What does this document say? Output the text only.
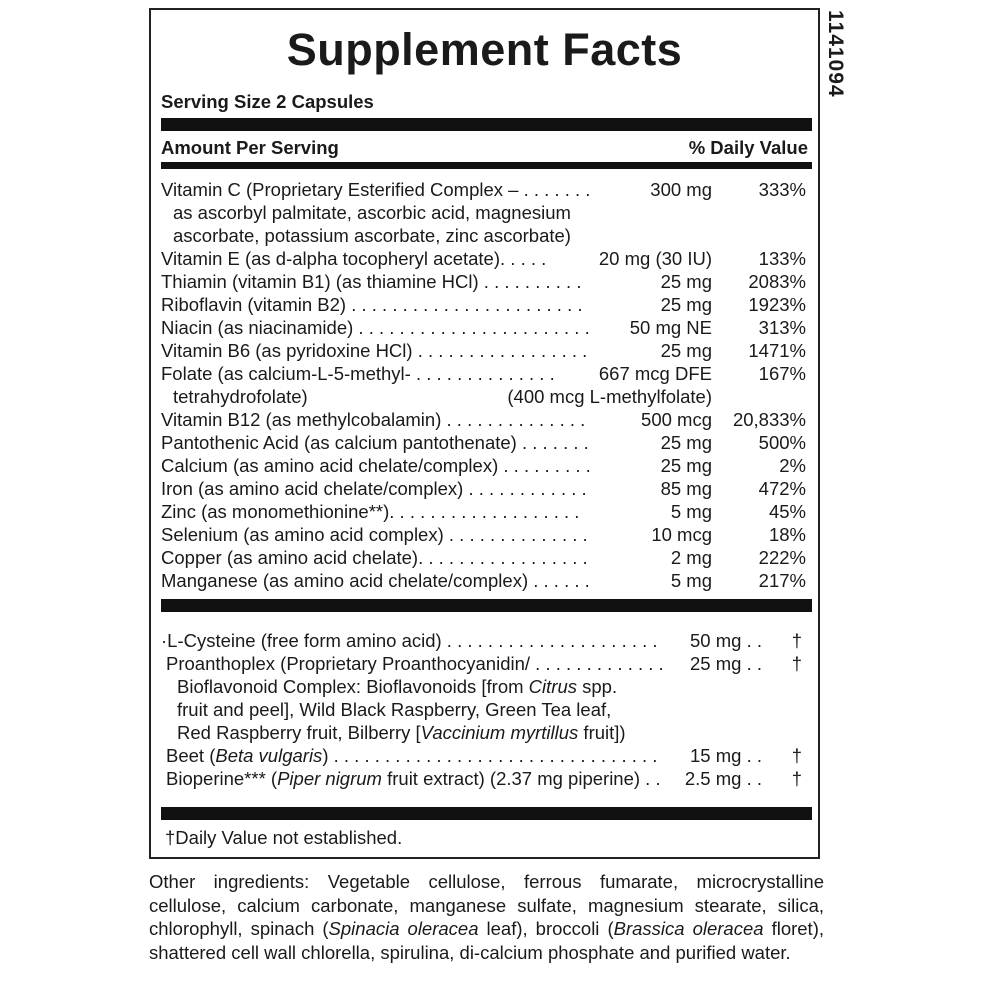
Supplement Facts
Serving Size 2 Capsules
Amount Per Serving	% Daily Value
Vitamin C (Proprietary Esterified Complex – . . . . . . .	300 mg	333%
as ascorbyl palmitate, ascorbic acid, magnesium
ascorbate, potassium ascorbate, zinc ascorbate)
Vitamin E (as d-alpha tocopheryl acetate). . . . .	20 mg (30 IU)	133%
Thiamin (vitamin B1) (as thiamine HCl) . . . . . . . . . .	25 mg 2083%
Riboflavin (vitamin B2) . . . . . . . . . . . . . . . . . . . . . . .	25 mg 1923%
Niacin (as niacinamide) . . . . . . . . . . . . . . . . . . . . . . . 50 mg NE	313%
Vitamin B6 (as pyridoxine HCl) . . . . . . . . . . . . . . . . .	25 mg 1471%
Folate (as calcium-L-5-methyl- . . . . . . . . . . . . . . 667 mcg DFE	167%
tetrahydrofolate)	(400 mcg L-methylfolate)
Vitamin B12 (as methylcobalamin) . . . . . . . . . . . . . .	500 mcg 20,833%
Pantothenic Acid (as calcium pantothenate) . . . . . . .	25 mg	500%
Calcium (as amino acid chelate/complex) . . . . . . . . .	25 mg	2%
Iron (as amino acid chelate/complex) . . . . . . . . . . . .	85 mg	472%
Zinc (as monomethionine**). . . . . . . . . . . . . . . . . . .	5 mg	45%
Selenium (as amino acid complex) . . . . . . . . . . . . . .	10 mcg	18%
Copper (as amino acid chelate). . . . . . . . . . . . . . . . .	2 mg	222%
Manganese (as amino acid chelate/complex) . . . . . .	5 mg	217%
·L-Cysteine (free form amino acid) . . . . . . . . . . . . . . . . . . . . . 50 mg . . †
Proanthoplex (Proprietary Proanthocyanidin/ . . . . . . . . . . . . . 25 mg . . †
Bioflavonoid Complex: Bioflavonoids [from Citrus spp.
fruit and peel], Wild Black Raspberry, Green Tea leaf,
Red Raspberry fruit, Bilberry [Vaccinium myrtillus fruit])
Beet (Beta vulgaris) . . . . . . . . . . . . . . . . . . . . . . . . . . . . . . . . 15 mg . . †
Bioperine*** (Piper nigrum fruit extract) (2.37 mg piperine) . . 2.5 mg . . †
†Daily Value not established.
1141094
Other ingredients: Vegetable cellulose, ferrous fumarate, microcrystalline cellulose, calcium carbonate, manganese sulfate, magnesium stearate, silica, chlorophyll, spinach (Spinacia oleracea leaf), broccoli (Brassica oleracea floret), shattered cell wall chlorella, spirulina, di-calcium phosphate and purified water.
